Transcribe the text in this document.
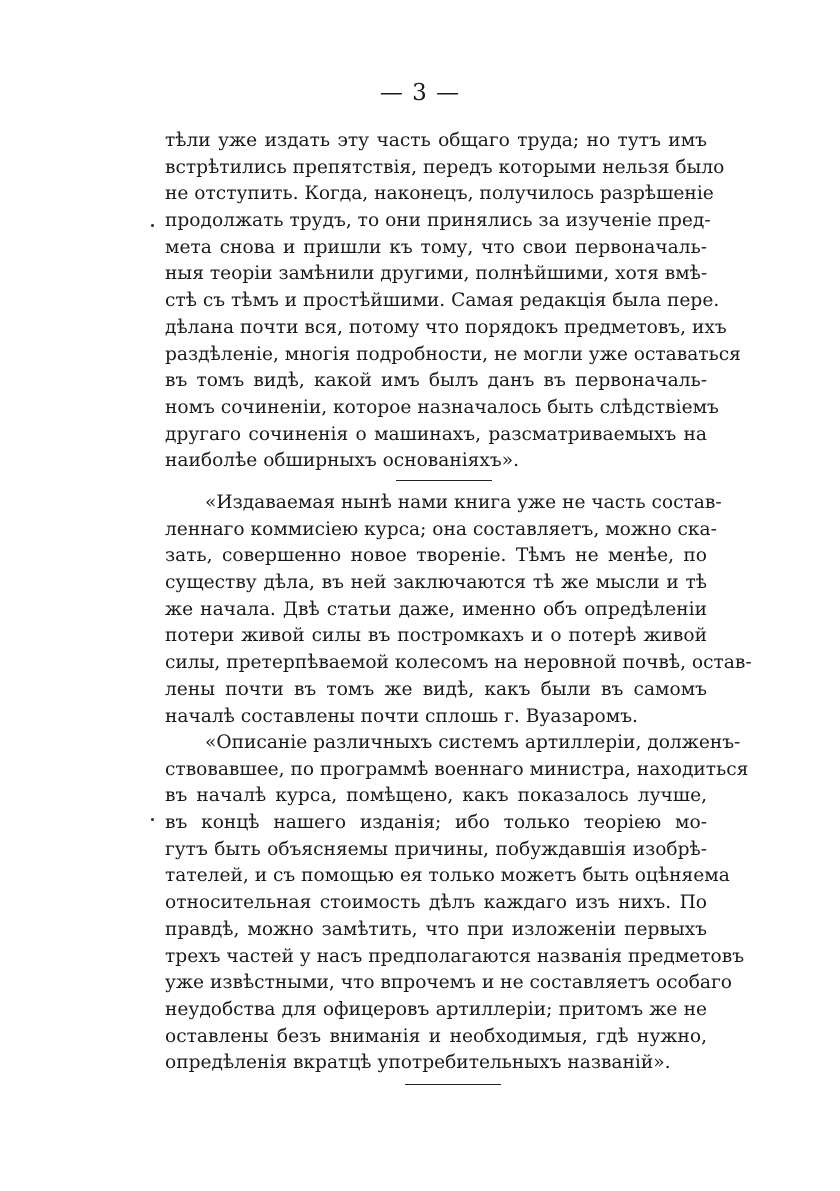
— 3 —
тѣли уже издать эту часть общаго труда; но тутъ имъ
встрѣтились препятствія, передъ которыми нельзя было
не отступить. Когда, наконецъ, получилось разрѣшеніе
продолжать трудъ, то они принялись за изученіе пред-
мета снова и пришли къ тому, что свои первоначаль-
ныя теоріи замѣнили другими, полнѣйшими, хотя вмѣ-
стѣ съ тѣмъ и простѣйшими. Самая редакція была пере.
дѣлана почти вся, потому что порядокъ предметовъ, ихъ
раздѣленіе, многія подробности, не могли уже оставаться
въ томъ видѣ, какой имъ былъ данъ въ первоначаль-
номъ сочиненіи, которое назначалось быть слѣдствіемъ
другаго сочиненія о машинахъ, разсматриваемыхъ на
наиболѣе обширныхъ основаніяхъ».
«Издаваемая нынѣ нами книга уже не часть состав-
леннаго коммисіею курса; она составляетъ, можно ска-
зать, совершенно новое твореніе. Тѣмъ не менѣе, по
существу дѣла, въ ней заключаются тѣ же мысли и тѣ
же начала. Двѣ статьи даже, именно объ опредѣленіи
потери живой силы въ постромкахъ и о потерѣ живой
силы, претерпѣваемой колесомъ на неровной почвѣ, остав-
лены почти въ томъ же видѣ, какъ были въ самомъ
началѣ составлены почти сплошь г. Вуазаромъ.
«Описаніе различныхъ системъ артиллеріи, долженъ-
ствовавшее, по программѣ военнаго министра, находиться
въ началѣ курса, помѣщено, какъ показалось лучше,
въ концѣ нашего изданія; ибо только теоріею мо-
гутъ быть объясняемы причины, побуждавшія изобрѣ-
тателей, и съ помощью ея только можетъ быть оцѣняема
относительная стоимость дѣлъ каждаго изъ нихъ. По
правдѣ, можно замѣтить, что при изложеніи первыхъ
трехъ частей у насъ предполагаются названія предметовъ
уже извѣстными, что впрочемъ и не составляетъ особаго
неудобства для офицеровъ артиллеріи; притомъ же не
оставлены безъ вниманія и необходимыя, гдѣ нужно,
опредѣленія вкратцѣ употребительныхъ названій».
